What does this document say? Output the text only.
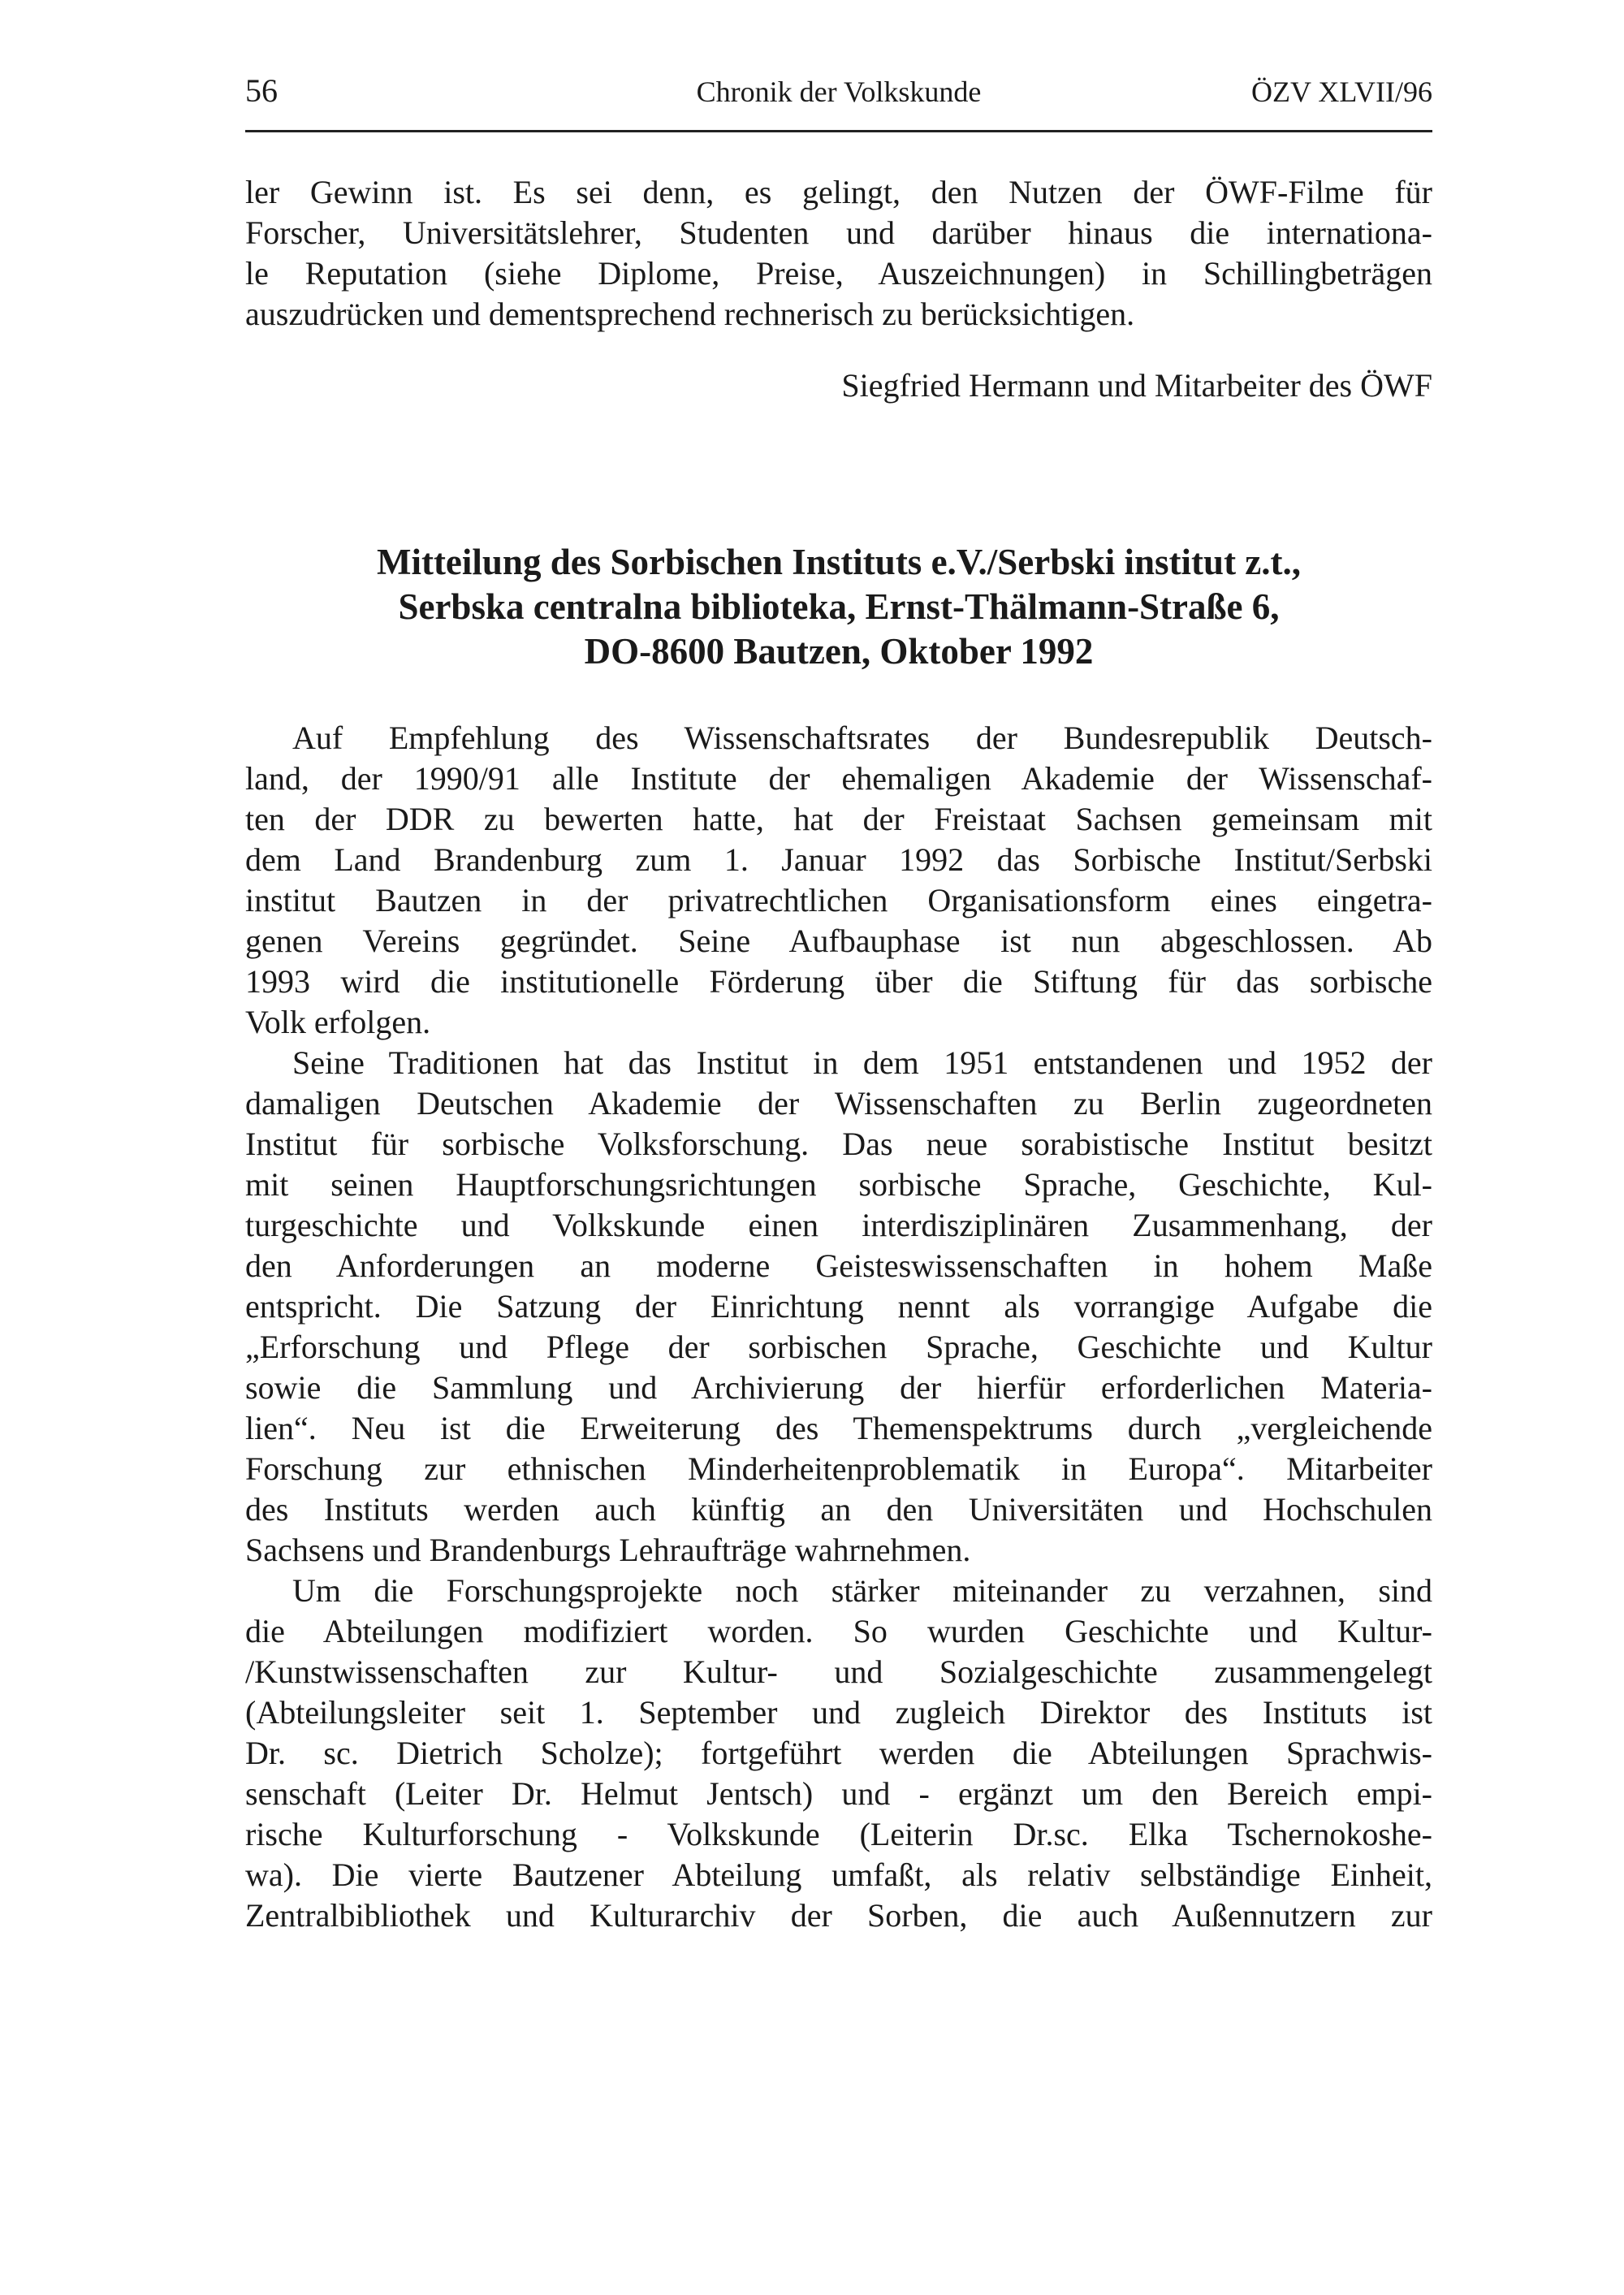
56	Chronik der Volkskunde	ÖZV XLVII/96
ler Gewinn ist. Es sei denn, es gelingt, den Nutzen der ÖWF-Filme für
Forscher, Universitätslehrer, Studenten und darüber hinaus die internationa-
le Reputation (siehe Diplome, Preise, Auszeichnungen) in Schillingbeträgen
auszudrücken und dementsprechend rechnerisch zu berücksichtigen.
Siegfried Hermann und Mitarbeiter des ÖWF
Mitteilung des Sorbischen Instituts e.V./Serbski institut z.t.,
Serbska centralna biblioteka, Ernst-Thälmann-Straße 6,
DO-8600 Bautzen, Oktober 1992
Auf Empfehlung des Wissenschaftsrates der Bundesrepublik Deutsch-
land, der 1990/91 alle Institute der ehemaligen Akademie der Wissenschaf-
ten der DDR zu bewerten hatte, hat der Freistaat Sachsen gemeinsam mit
dem Land Brandenburg zum 1. Januar 1992 das Sorbische Institut/Serbski
institut Bautzen in der privatrechtlichen Organisationsform eines eingetra-
genen Vereins gegründet. Seine Aufbauphase ist nun abgeschlossen. Ab
1993 wird die institutionelle Förderung über die Stiftung für das sorbische
Volk erfolgen.
Seine Traditionen hat das Institut in dem 1951 entstandenen und 1952 der
damaligen Deutschen Akademie der Wissenschaften zu Berlin zugeordneten
Institut für sorbische Volksforschung. Das neue sorabistische Institut besitzt
mit seinen Hauptforschungsrichtungen sorbische Sprache, Geschichte, Kul-
turgeschichte und Volkskunde einen interdisziplinären Zusammenhang, der
den Anforderungen an moderne Geisteswissenschaften in hohem Maße
entspricht. Die Satzung der Einrichtung nennt als vorrangige Aufgabe die
„Erforschung und Pflege der sorbischen Sprache, Geschichte und Kultur
sowie die Sammlung und Archivierung der hierfür erforderlichen Materia-
lien“. Neu ist die Erweiterung des Themenspektrums durch „vergleichende
Forschung zur ethnischen Minderheitenproblematik in Europa“. Mitarbeiter
des Instituts werden auch künftig an den Universitäten und Hochschulen
Sachsens und Brandenburgs Lehraufträge wahrnehmen.
Um die Forschungsprojekte noch stärker miteinander zu verzahnen, sind
die Abteilungen modifiziert worden. So wurden Geschichte und Kultur-
/Kunstwissenschaften zur Kultur- und Sozialgeschichte zusammengelegt
(Abteilungsleiter seit 1. September und zugleich Direktor des Instituts ist
Dr. sc. Dietrich Scholze); fortgeführt werden die Abteilungen Sprachwis-
senschaft (Leiter Dr. Helmut Jentsch) und - ergänzt um den Bereich empi-
rische Kulturforschung - Volkskunde (Leiterin Dr.sc. Elka Tschernokoshe-
wa). Die vierte Bautzener Abteilung umfaßt, als relativ selbständige Einheit,
Zentralbibliothek und Kulturarchiv der Sorben, die auch Außennutzern zur
